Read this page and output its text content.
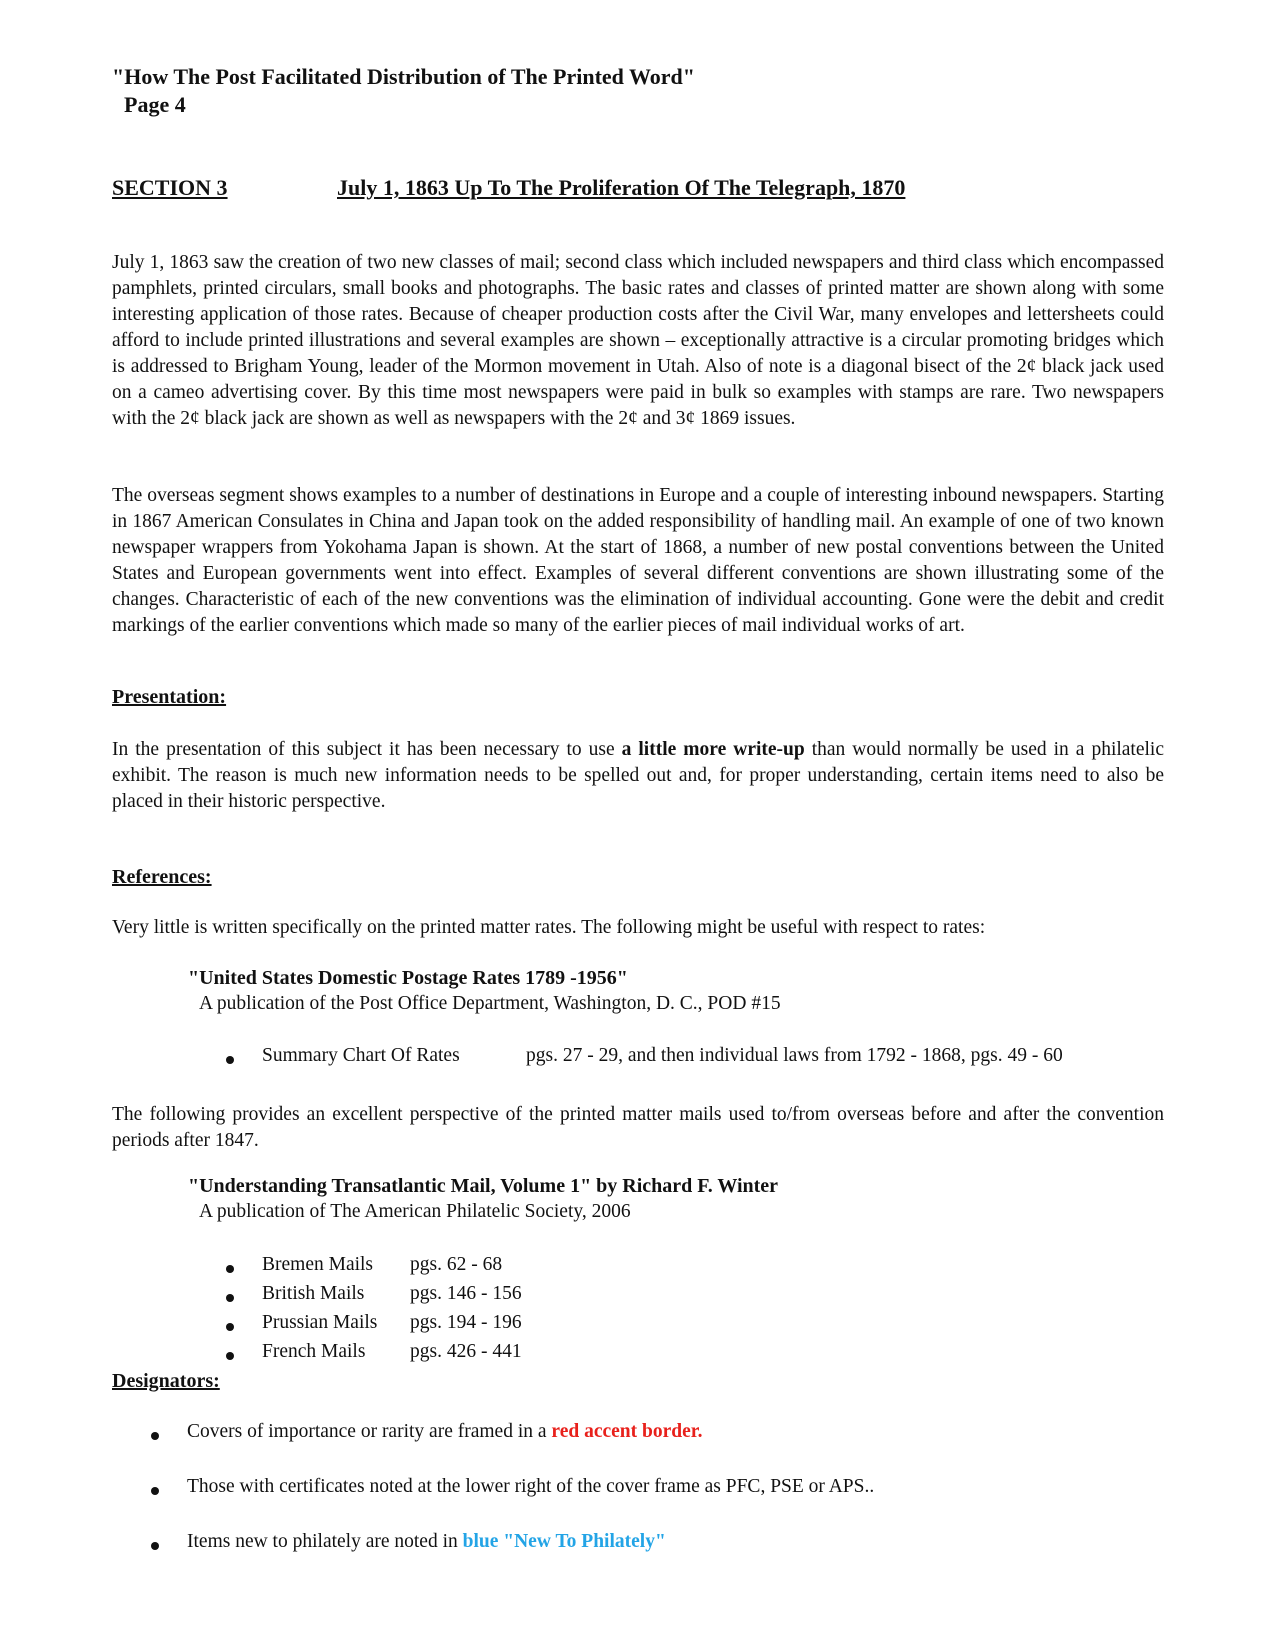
"How The Post Facilitated Distribution of The Printed Word"
Page 4
SECTION 3	July 1, 1863 Up To The Proliferation Of The Telegraph, 1870
July 1, 1863 saw the creation of two new classes of mail; second class which included newspapers and third class which encompassed pamphlets, printed circulars, small books and photographs. The basic rates and classes of printed matter are shown along with some interesting application of those rates. Because of cheaper production costs after the Civil War, many envelopes and lettersheets could afford to include printed illustrations and several examples are shown – exceptionally attractive is a circular promoting bridges which is addressed to Brigham Young, leader of the Mormon movement in Utah. Also of note is a diagonal bisect of the 2¢ black jack used on a cameo advertising cover. By this time most newspapers were paid in bulk so examples with stamps are rare. Two newspapers with the 2¢ black jack are shown as well as newspapers with the 2¢ and 3¢ 1869 issues.
The overseas segment shows examples to a number of destinations in Europe and a couple of interesting inbound newspapers. Starting in 1867 American Consulates in China and Japan took on the added responsibility of handling mail. An example of one of two known newspaper wrappers from Yokohama Japan is shown. At the start of 1868, a number of new postal conventions between the United States and European governments went into effect. Examples of several different conventions are shown illustrating some of the changes. Characteristic of each of the new conventions was the elimination of individual accounting. Gone were the debit and credit markings of the earlier conventions which made so many of the earlier pieces of mail individual works of art.
Presentation:
In the presentation of this subject it has been necessary to use a little more write-up than would normally be used in a philatelic exhibit. The reason is much new information needs to be spelled out and, for proper understanding, certain items need to also be placed in their historic perspective.
References:
Very little is written specifically on the printed matter rates. The following might be useful with respect to rates:
"United States Domestic Postage Rates 1789 -1956"
A publication of the Post Office Department, Washington, D. C., POD #15
Summary Chart Of Rates	pgs. 27 - 29, and then individual laws from 1792 - 1868, pgs. 49 - 60
The following provides an excellent perspective of the printed matter mails used to/from overseas before and after the convention periods after 1847.
"Understanding Transatlantic Mail, Volume 1" by Richard F. Winter
A publication of The American Philatelic Society, 2006
Bremen Mails pgs. 62 - 68
British Mails pgs. 146 - 156
Prussian Mails pgs. 194 - 196
French Mails pgs. 426 - 441
Designators:
Covers of importance or rarity are framed in a red accent border.
Those with certificates noted at the lower right of the cover frame as PFC, PSE or APS..
Items new to philately are noted in blue "New To Philately"
